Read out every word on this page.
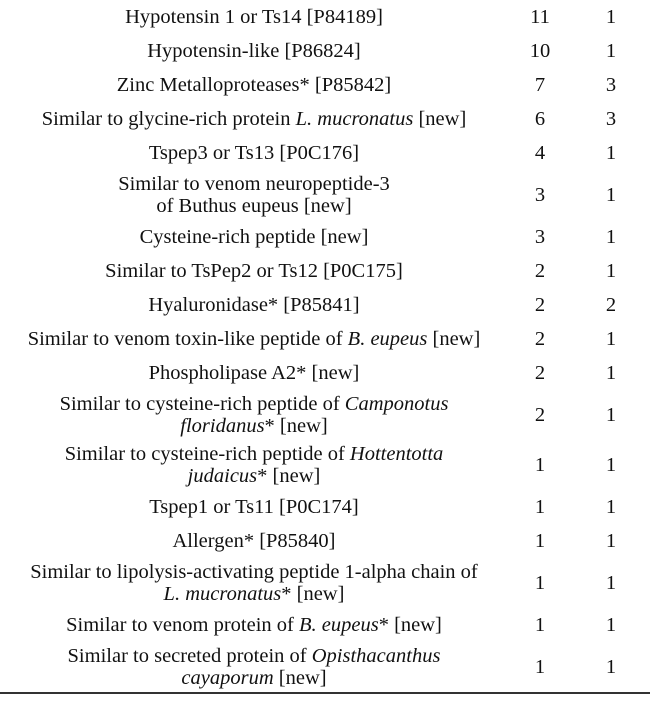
Hypotensin 1 or Ts14 [P84189]	11	1
Hypotensin-like [P86824]	10	1
Zinc Metalloproteases* [P85842]	7	3
Similar to glycine-rich protein L. mucronatus [new]	6	3
Tspep3 or Ts13 [P0C176]	4	1
Similar to venom neuropeptide-3
of Buthus eupeus [new]	3	1
Cysteine-rich peptide [new]	3	1
Similar to TsPep2 or Ts12 [P0C175]	2	1
Hyaluronidase* [P85841]	2	2
Similar to venom toxin-like peptide of B. eupeus [new]	2	1
Phospholipase A2* [new]	2	1
Similar to cysteine-rich peptide of Camponotus
floridanus* [new]	2	1
Similar to cysteine-rich peptide of Hottentotta
judaicus* [new]	1	1
Tspep1 or Ts11 [P0C174]	1	1
Allergen* [P85840]	1	1
Similar to lipolysis-activating peptide 1-alpha chain of
L. mucronatus* [new]	1	1
Similar to venom protein of B. eupeus* [new]	1	1
Similar to secreted protein of Opisthacanthus
cayaporum [new]	1	1
